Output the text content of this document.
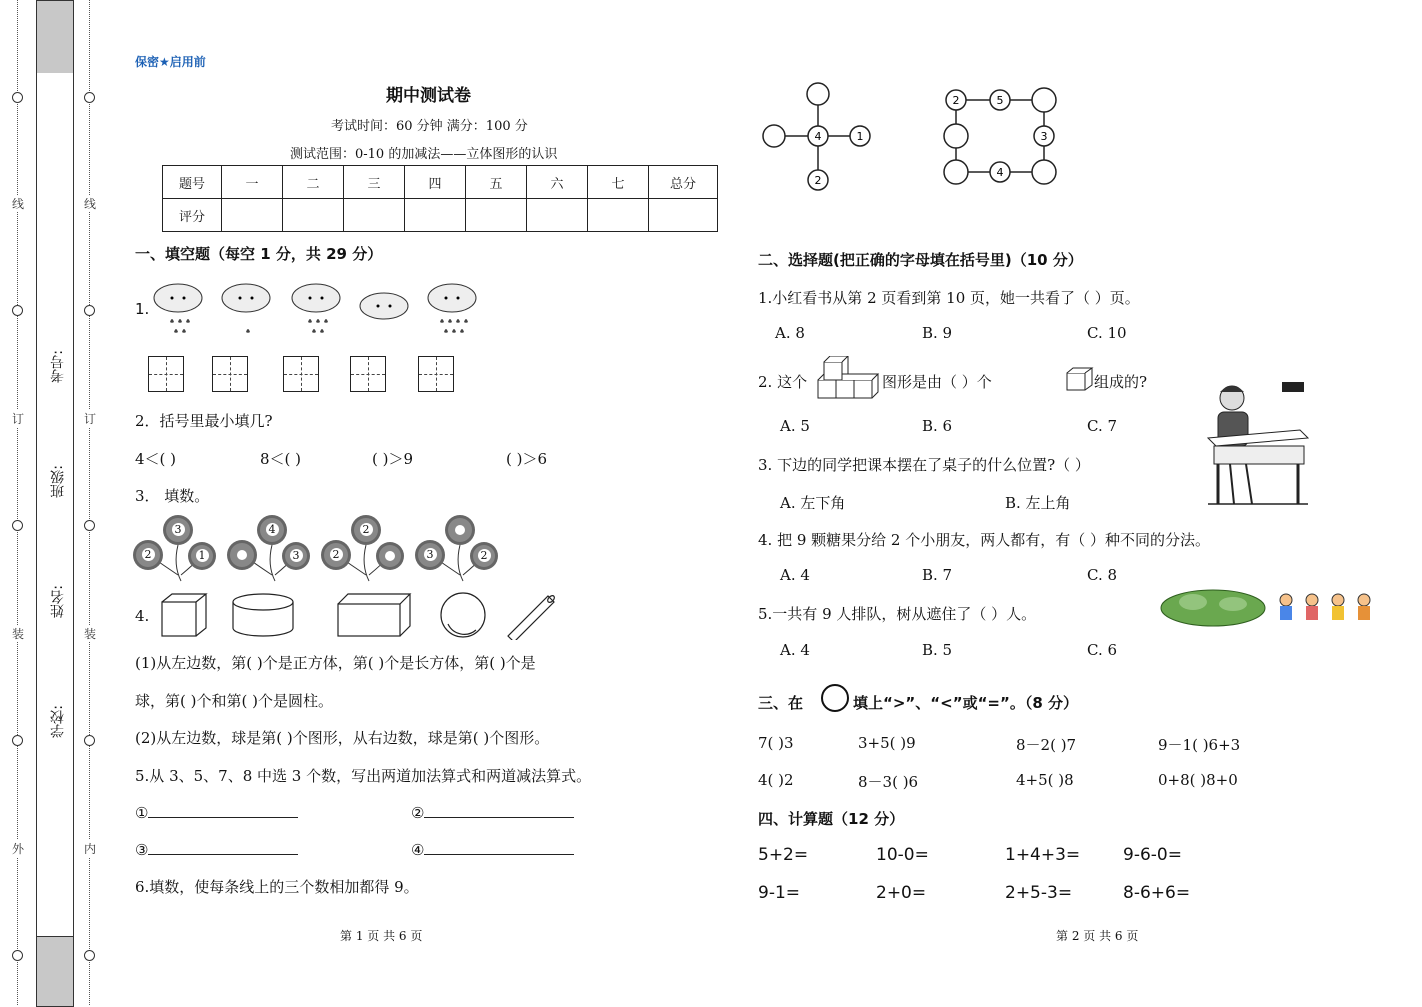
线
订
装
外
线
订
装
内
考号:
班级:
姓名:
学校:
保密★启用前
期中测试卷
考试时间：60 分钟 满分：100 分
测试范围：0-10 的加减法——立体图形的认识
题号	一	二	三	四	五	六	七	总分
评分								
一、填空题（每空 1 分，共 29 分）
1.
2．括号里最小填几?
4＜( )	8＜( )	( )＞9	( )＞6
3． 填数。
3
2	1
4
3
2
2	3	2
4.
(1)从左边数，第( )个是正方体，第( )个是长方体，第( )个是
球，第( )个和第( )个是圆柱。
(2)从左边数，球是第( )个图形，从右边数，球是第( )个图形。
5.从 3、5、7、8 中选 3 个数，写出两道加法算式和两道减法算式。
①	②
③	④
6.填数，使每条线上的三个数相加都得 9。
第 1 页 共 6 页
4	1
2
2	5
3
4
二、选择题(把正确的字母填在括号里)（10 分）
1.小红看书从第 2 页看到第 10 页，她一共看了（ ）页。
A. 8	B. 9	C. 10
2. 这个	图形是由（ ）个	组成的?
A. 5	B. 6	C. 7
3. 下边的同学把课本摆在了桌子的什么位置?（ ）
A. 左下角	B. 左上角
4. 把 9 颗糖果分给 2 个小朋友，两人都有，有（ ）种不同的分法。
A. 4	B. 7	C. 8
5.一共有 9 人排队，树从遮住了（ ）人。
A. 4	B. 5	C. 6
三、在	填上“>”、“<”或“=”。（8 分）
7( )3	3+5( )9	8－2( )7	9－1( )6+3
4( )2	8－3( )6	4+5( )8	0+8( )8+0
四、计算题（12 分）
5+2=	10-0=	1+4+3=	9-6-0=
9-1=	2+0=	2+5-3=	8-6+6=
第 2 页 共 6 页
